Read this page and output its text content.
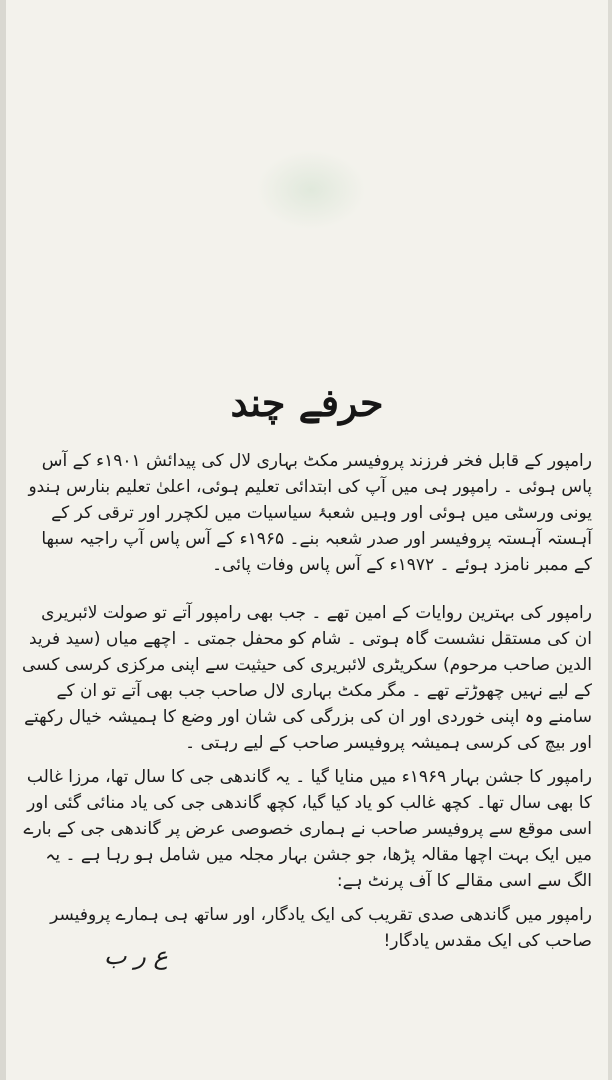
حرفے چند

رامپور کے قابل فخر فرزند پروفیسر مکٹ بہاری لال کی پیدائش ۱۹۰۱ء کے آس پاس ہوئی ۔ رامپور ہی میں آپ کی ابتدائی تعلیم ہوئی، اعلیٰ تعلیم بنارس ہندو یونی ورسٹی میں ہوئی اور وہیں شعبۂ سیاسیات میں لکچرر اور ترقی کر کے آہستہ آہستہ پروفیسر اور صدر شعبہ بنے۔ ۱۹۶۵ء کے آس پاس آپ راجیہ سبھا کے ممبر نامزد ہوئے ۔ ۱۹۷۲ء کے آس پاس وفات پائی۔

رامپور کی بہترین روایات کے امین تھے ۔ جب بھی رامپور آتے تو صولت لائبریری ان کی مستقل نشست گاہ ہوتی ۔ شام کو محفل جمتی ۔ اچھے میاں (سید فرید الدین صاحب مرحوم) سکریٹری لائبریری کی حیثیت سے اپنی مرکزی کرسی کسی کے لیے نہیں چھوڑتے تھے ۔ مگر مکٹ بہاری لال صاحب جب بھی آتے تو ان کے سامنے وہ اپنی خوردی اور ان کی بزرگی کی شان اور وضع کا ہمیشہ خیال رکھتے اور بیچ کی کرسی ہمیشہ پروفیسر صاحب کے لیے رہتی ۔

رامپور کا جشن بہار ۱۹۶۹ء میں منایا گیا ۔ یہ گاندھی جی کا سال تھا، مرزا غالب کا بھی سال تھا۔ کچھ غالب کو یاد کیا گیا، کچھ گاندھی جی کی یاد منائی گئی اور اسی موقع سے پروفیسر صاحب نے ہماری خصوصی عرض پر گاندھی جی کے بارے میں ایک بہت اچھا مقالہ پڑھا، جو جشن بہار مجلہ میں شامل ہو رہا ہے ۔ یہ الگ سے اسی مقالے کا آف پرنٹ ہے:

رامپور میں گاندھی صدی تقریب کی ایک یادگار، اور ساتھ ہی ہمارے پروفیسر صاحب کی ایک مقدس یادگار!

ع ر ب
